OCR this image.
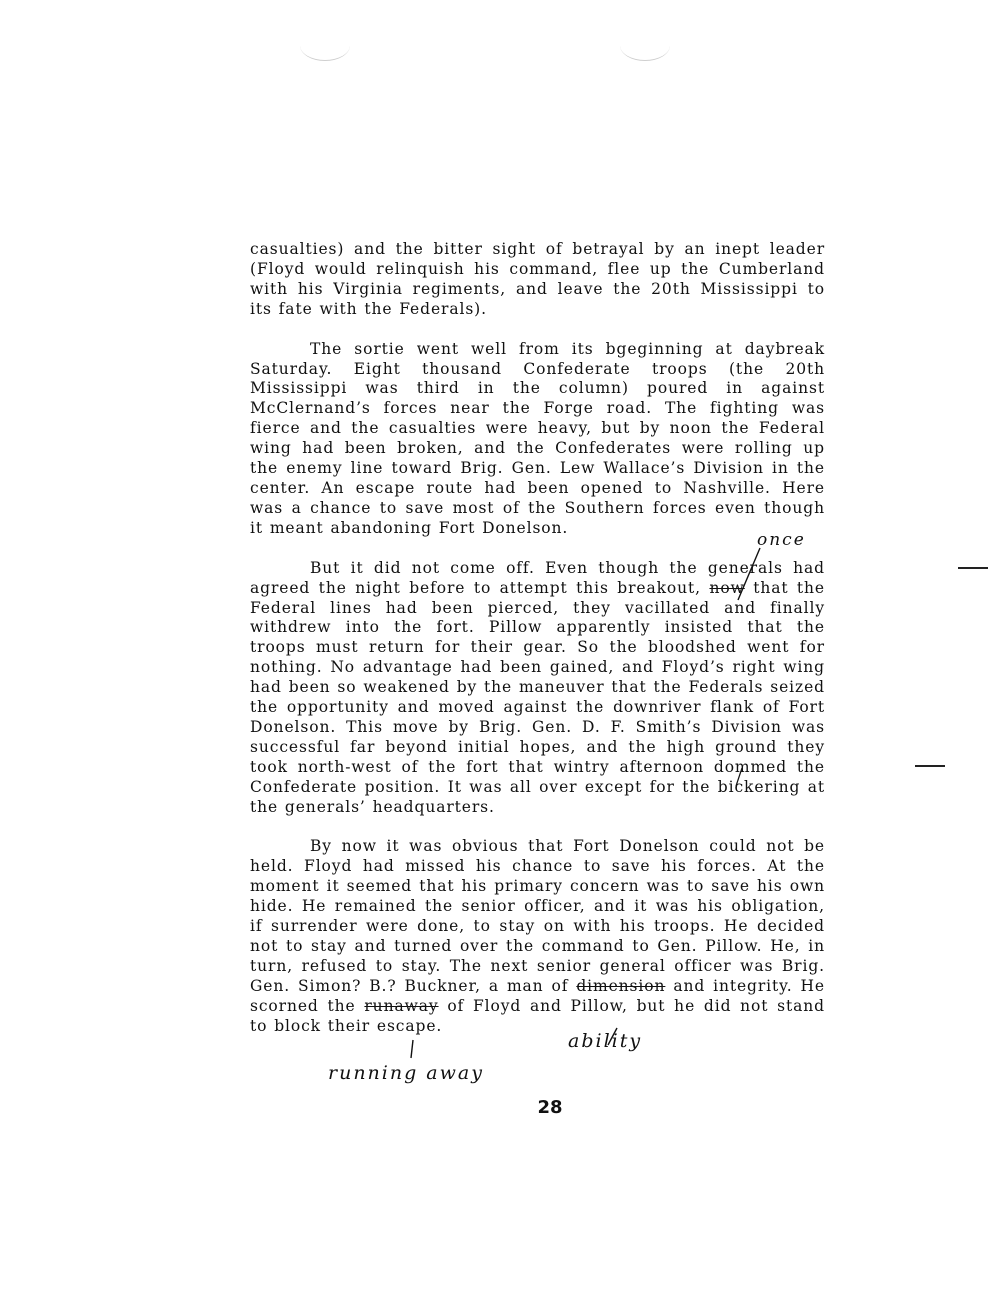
casualties) and the bitter sight of betrayal by an inept leader (Floyd would relinquish his command, flee up the Cumberland with his Virginia regiments, and leave the 20th Mississippi to its fate with the Federals).

The sortie went well from its bgeginning at daybreak Saturday. Eight thousand Confederate troops (the 20th Mississippi was third in the column) poured in against McClernand’s forces near the Forge road. The fighting was fierce and the casualties were heavy, but by noon the Federal wing had been broken, and the Confederates were rolling up the enemy line toward Brig. Gen. Lew Wallace’s Division in the center. An escape route had been opened to Nashville. Here was a chance to save most of the Southern forces even though it meant abandoning Fort Donelson.

But it did not come off. Even though the generals had agreed the night before to attempt this breakout, now that the Federal lines had been pierced, they vacillated and finally withdrew into the fort. Pillow apparently insisted that the troops must return for their gear. So the bloodshed went for nothing. No advantage had been gained, and Floyd’s right wing had been so weakened by the maneuver that the Federals seized the opportunity and moved against the downriver flank of Fort Donelson. This move by Brig. Gen. D. F. Smith’s Division was successful far beyond initial hopes, and the high ground they took north-west of the fort that wintry afternoon dommed the Confederate position. It was all over except for the bickering at the generals’ headquarters.

By now it was obvious that Fort Donelson could not be held. Floyd had missed his chance to save his forces. At the moment it seemed that his primary concern was to save his own hide. He remained the senior officer, and it was his obligation, if surrender were done, to stay on with his troops. He decided not to stay and turned over the command to Gen. Pillow. He, in turn, refused to stay. The next senior general officer was Brig. Gen. Simon? B.? Buckner, a man of dimension and integrity. He scorned the runaway of Floyd and Pillow, but he did not stand to block their escape.

once
ability
running away
28
